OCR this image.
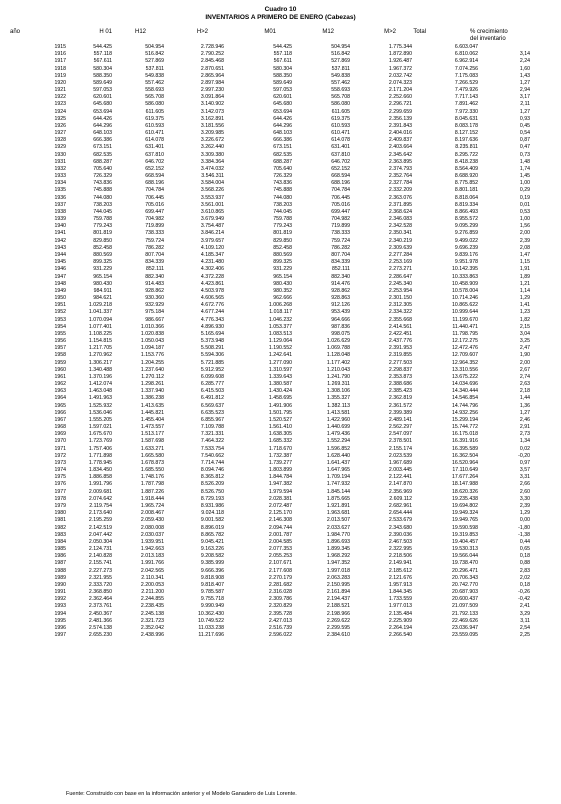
Cuadro 10
INVENTARIOS A PRIMERO DE ENERO (Cabezas)
año	H 01	H12	H>2	M01	M12	M>2	Total	% crecimiento
del inventario
1915	544.425	504.954	2.728.946	544.425	504.954	1.775.344	6.603.047
1916	557.118	516.842	2.790.252	557.118	516.842	1.872.890	6.810.062	3,14
1917	567.611	527.869	2.845.468	567.611	527.869	1.926.487	6.962.914	2,24
1918	580.304	537.811	2.870.651	580.304	537.811	1.967.372	7.074.256	1,60
1919	588.350	549.838	2.865.964	588.350	549.838	2.032.742	7.175.083	1,43
1920	589.649	557.462	2.897.984	589.649	557.462	2.074.323	7.266.529	1,27
1921	597.053	558.693	2.997.230	597.053	558.693	2.171.204	7.479.926	2,94
1922	620.601	565.708	3.091.864	620.601	565.708	2.252.660	7.717.143	3,17
1923	645.680	586.080	3.140.902	645.680	586.080	2.296.721	7.891.462	2,11
1924	653.694	611.605	3.142.073	653.694	611.605	2.299.659	7.972.330	1,27
1925	644.426	619.375	3.162.891	644.426	619.375	2.356.139	8.045.631	0,93
1926	644.296	610.593	3.181.556	644.296	610.593	2.391.843	8.083.178	0,45
1927	648.103	610.471	3.209.985	648.103	610.471	2.404.016	8.127.152	0,54
1928	666.386	614.078	3.226.672	666.386	614.078	2.409.837	8.197.636	0,87
1929	673.151	631.401	3.262.440	673.151	631.401	2.403.664	8.235.811	0,47
1930	682.535	637.810	3.309.380	682.535	637.810	2.345.642	8.295.722	0,73
1931	688.287	646.702	3.384.364	688.287	646.702	2.363.895	8.418.238	1,48
1932	705.640	652.152	3.474.032	705.640	652.152	2.374.793	8.564.409	1,74
1933	726.329	668.594	3.546.311	726.329	668.594	2.352.764	8.688.920	1,45
1934	743.836	688.196	3.584.004	743.836	688.196	2.327.784	8.775.852	1,00
1935	745.888	704.784	3.568.226	745.888	704.784	2.332.209	8.801.181	0,29
1936	744.080	706.445	3.553.937	744.080	706.445	2.363.076	8.818.064	0,19
1937	738.203	705.016	3.561.001	738.203	705.016	2.371.895	8.819.334	0,01
1938	744.045	699.447	3.610.865	744.045	699.447	2.368.624	8.866.493	0,53
1939	759.788	704.982	3.679.949	759.788	704.982	2.346.083	8.955.572	1,00
1940	779.243	719.899	3.754.487	779.243	719.899	2.342.528	9.095.299	1,56
1941	801.819	738.333	3.846.214	801.819	738.333	2.350.341	9.276.859	2,00
1942	829.850	759.724	3.979.657	829.850	759.724	2.340.219	9.499.022	2,39
1943	852.458	786.282	4.109.120	852.458	786.282	2.309.639	9.696.239	2,08
1944	880.569	807.704	4.185.347	880.569	807.704	2.277.284	9.839.176	1,47
1945	899.325	834.339	4.231.480	899.325	834.339	2.253.169	9.951.978	1,15
1946	931.229	852.111	4.302.406	931.229	852.111	2.273.271	10.142.395	1,91
1947	965.154	882.340	4.372.228	965.154	882.340	2.286.647	10.333.863	1,89
1948	980.430	914.483	4.423.861	980.430	914.476	2.245.340	10.458.909	1,21
1949	984.911	928.862	4.503.978	980.352	928.862	2.253.954	10.578.004	1,14
1950	984.621	930.360	4.606.565	962.666	928.863	2.301.150	10.714.246	1,29
1951	1.029.218	932.929	4.672.776	1.006.268	912.126	2.312.305	10.865.622	1,41
1952	1.041.337	975.184	4.677.244	1.018.117	953.439	2.334.322	10.999.644	1,23
1953	1.070.094	986.667	4.776.343	1.046.232	964.666	2.355.668	11.199.670	1,82
1954	1.077.401	1.010.366	4.896.930	1.053.377	987.836	2.414.561	11.440.471	2,15
1955	1.108.225	1.020.838	5.165.694	1.083.513	998.075	2.422.451	11.798.795	3,04
1956	1.154.815	1.050.043	5.373.948	1.129.064	1.026.629	2.437.776	12.172.275	3,25
1957	1.217.705	1.094.187	5.508.291	1.190.552	1.069.788	2.391.953	12.472.476	2,47
1958	1.270.962	1.153.776	5.594.306	1.242.641	1.128.048	2.319.855	12.709.607	1,90
1959	1.306.217	1.204.255	5.721.885	1.277.090	1.177.402	2.277.503	12.964.352	2,00
1960	1.340.488	1.237.640	5.912.952	1.310.597	1.210.043	2.298.837	13.310.556	2,67
1961	1.370.196	1.270.112	6.099.608	1.339.643	1.241.790	2.353.873	13.675.222	2,74
1962	1.412.074	1.298.261	6.285.777	1.380.587	1.269.311	2.388.686	14.034.696	2,63
1963	1.463.048	1.337.940	6.415.503	1.430.424	1.308.106	2.385.423	14.340.444	2,18
1964	1.491.963	1.386.238	6.491.812	1.458.695	1.355.327	2.362.819	14.546.854	1,44
1965	1.525.932	1.413.635	6.569.637	1.491.906	1.382.113	2.361.572	14.744.796	1,36
1966	1.536.046	1.445.821	6.635.523	1.501.795	1.413.581	2.399.389	14.932.256	1,27
1967	1.555.205	1.455.404	6.855.967	1.520.527	1.422.960	2.489.141	15.299.194	2,46
1968	1.597.021	1.473.557	7.109.788	1.561.410	1.440.699	2.562.297	15.744.772	2,91
1969	1.675.670	1.513.177	7.321.331	1.638.305	1.479.436	2.547.097	16.175.018	2,73
1970	1.723.769	1.587.698	7.464.322	1.685.332	1.552.294	2.378.501	16.391.916	1,34
1971	1.757.406	1.633.271	7.533.754	1.718.670	1.596.852	2.155.174	16.395.589	0,02
1972	1.771.898	1.665.580	7.540.662	1.732.387	1.628.440	2.023.539	16.362.504	-0,20
1973	1.778.945	1.678.873	7.714.744	1.739.277	1.641.437	1.967.689	16.520.964	0,97
1974	1.834.450	1.685.550	8.094.746	1.803.899	1.647.965	2.003.445	17.110.649	3,57
1975	1.886.858	1.748.176	8.365.812	1.844.784	1.709.194	2.122.441	17.677.264	3,31
1976	1.991.796	1.787.798	8.526.209	1.947.382	1.747.932	2.147.870	18.147.988	2,66
1977	2.009.681	1.887.226	8.526.750	1.979.594	1.845.144	2.356.969	18.620.326	2,60
1978	2.074.642	1.918.444	8.729.193	2.028.381	1.875.665	2.609.112	19.235.438	3,30
1979	2.119.754	1.965.724	8.931.986	2.072.487	1.921.891	2.682.961	19.694.802	2,39
1980	2.173.640	2.008.467	9.024.118	2.125.170	1.963.681	2.654.444	19.949.324	1,29
1981	2.195.259	2.059.430	9.001.582	2.146.308	2.013.507	2.533.679	19.949.765	0,00
1982	2.142.519	2.080.008	8.896.019	2.094.744	2.033.627	2.343.680	19.590.598	-1,80
1983	2.047.442	2.030.037	8.865.782	2.001.787	1.984.770	2.390.036	19.319.853	-1,38
1984	2.050.304	1.939.951	9.045.421	2.004.585	1.896.693	2.467.503	19.404.457	0,44
1985	2.124.731	1.942.663	9.163.226	2.077.353	1.899.345	2.322.995	19.530.313	0,65
1986	2.140.828	2.013.183	9.208.582	2.055.253	1.968.292	2.218.506	19.566.044	0,18
1987	2.155.741	1.991.766	9.385.999	2.107.671	1.947.352	2.149.941	19.738.470	0,88
1988	2.227.273	2.042.565	9.666.396	2.177.608	1.997.018	2.185.612	20.296.471	2,83
1989	2.321.955	2.110.341	9.818.908	2.270.179	2.063.283	2.121.676	20.706.343	2,02
1990	2.333.720	2.200.053	9.818.407	2.281.682	2.150.995	1.957.913	20.742.770	0,18
1991	2.368.850	2.211.200	9.785.587	2.316.028	2.161.894	1.844.345	20.687.903	-0,26
1992	2.362.464	2.244.855	9.755.718	2.309.786	2.194.437	1.733.559	20.600.437	-0,42
1993	2.373.761	2.238.435	9.990.949	2.320.829	2.188.521	1.977.013	21.097.509	2,41
1994	2.450.367	2.245.138	10.362.430	2.395.728	2.198.966	2.135.484	21.792.133	3,29
1995	2.481.366	2.321.723	10.749.522	2.427.013	2.269.622	2.225.909	22.469.626	3,11
1996	2.574.138	2.352.042	11.033.238	2.516.739	2.299.595	2.264.194	23.036.947	2,54
1997	2.655.230	2.438.996	11.217.696	2.596.022	2.384.610	2.266.540	23.559.095	2,25
Fuente: Construido con base en la información anterior y el Modelo Ganadero de Luis Lorente.
